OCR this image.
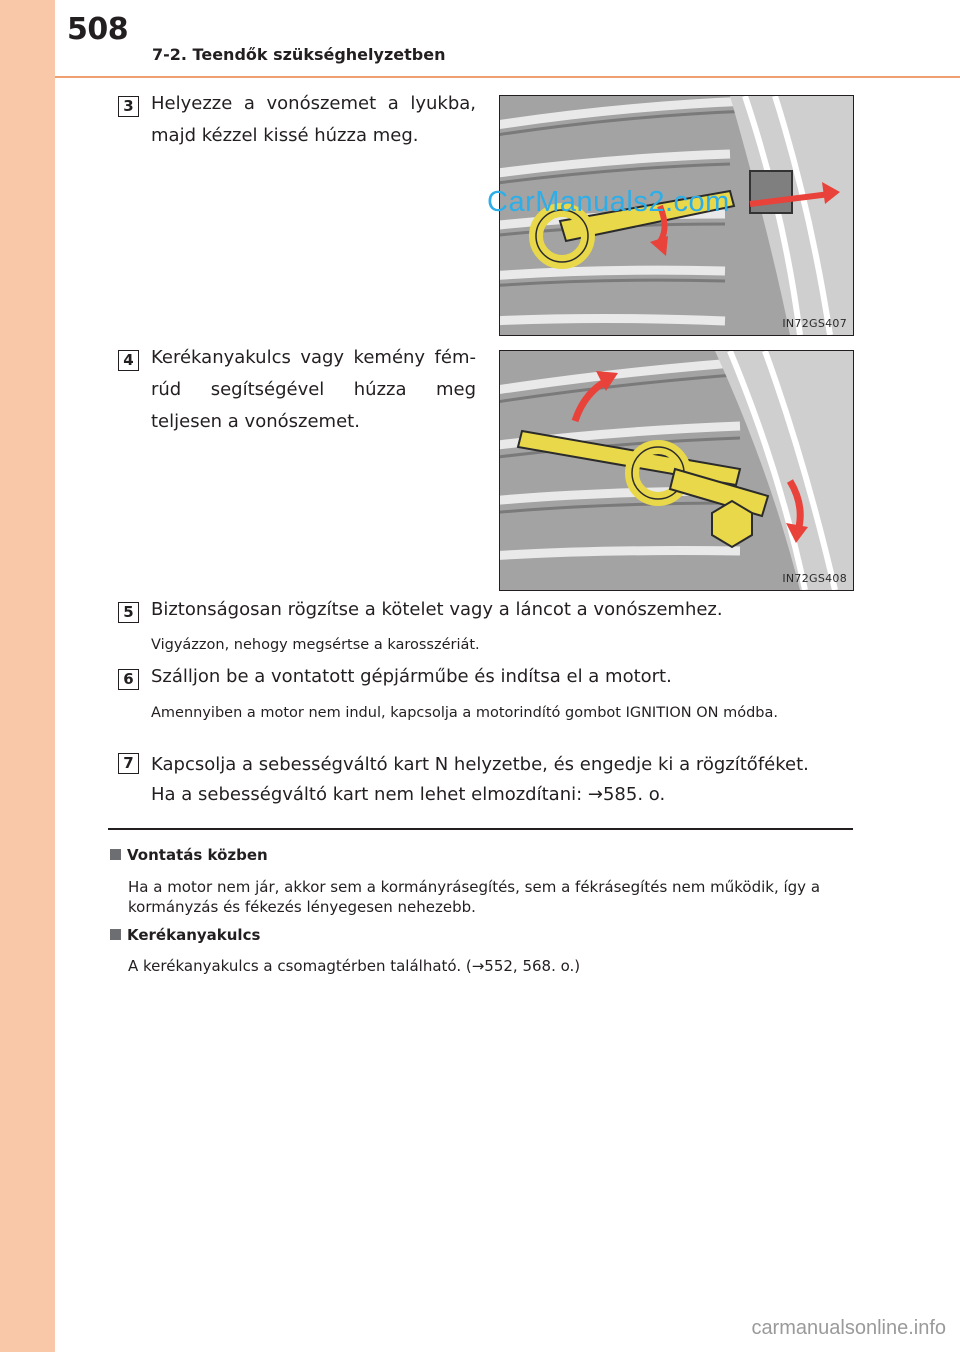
508
7-2. Teendők szükséghelyzetben
3 Helyezze a vonószemet a lyukba, majd kézzel kissé húzza meg.
IN72GS407
CarManuals2.com
4 Kerékanyakulcs vagy kemény fém-rúd segítségével húzza meg teljesen a vonószemet.
IN72GS408
5 Biztonságosan rögzítse a kötelet vagy a láncot a vonószemhez.
Vigyázzon, nehogy megsértse a karosszériát.
6 Szálljon be a vontatott gépjárműbe és indítsa el a motort.
Amennyiben a motor nem indul, kapcsolja a motorindító gombot IGNITION ON módba.
7 Kapcsolja a sebességváltó kart N helyzetbe, és engedje ki a rögzítőféket.
Ha a sebességváltó kart nem lehet elmozdítani: →585. o.
Vontatás közben
Ha a motor nem jár, akkor sem a kormányrásegítés, sem a fékrásegítés nem működik, így a kormányzás és fékezés lényegesen nehezebb.
Kerékanyakulcs
A kerékanyakulcs a csomagtérben található. (→552, 568. o.)
carmanualsonline.info
